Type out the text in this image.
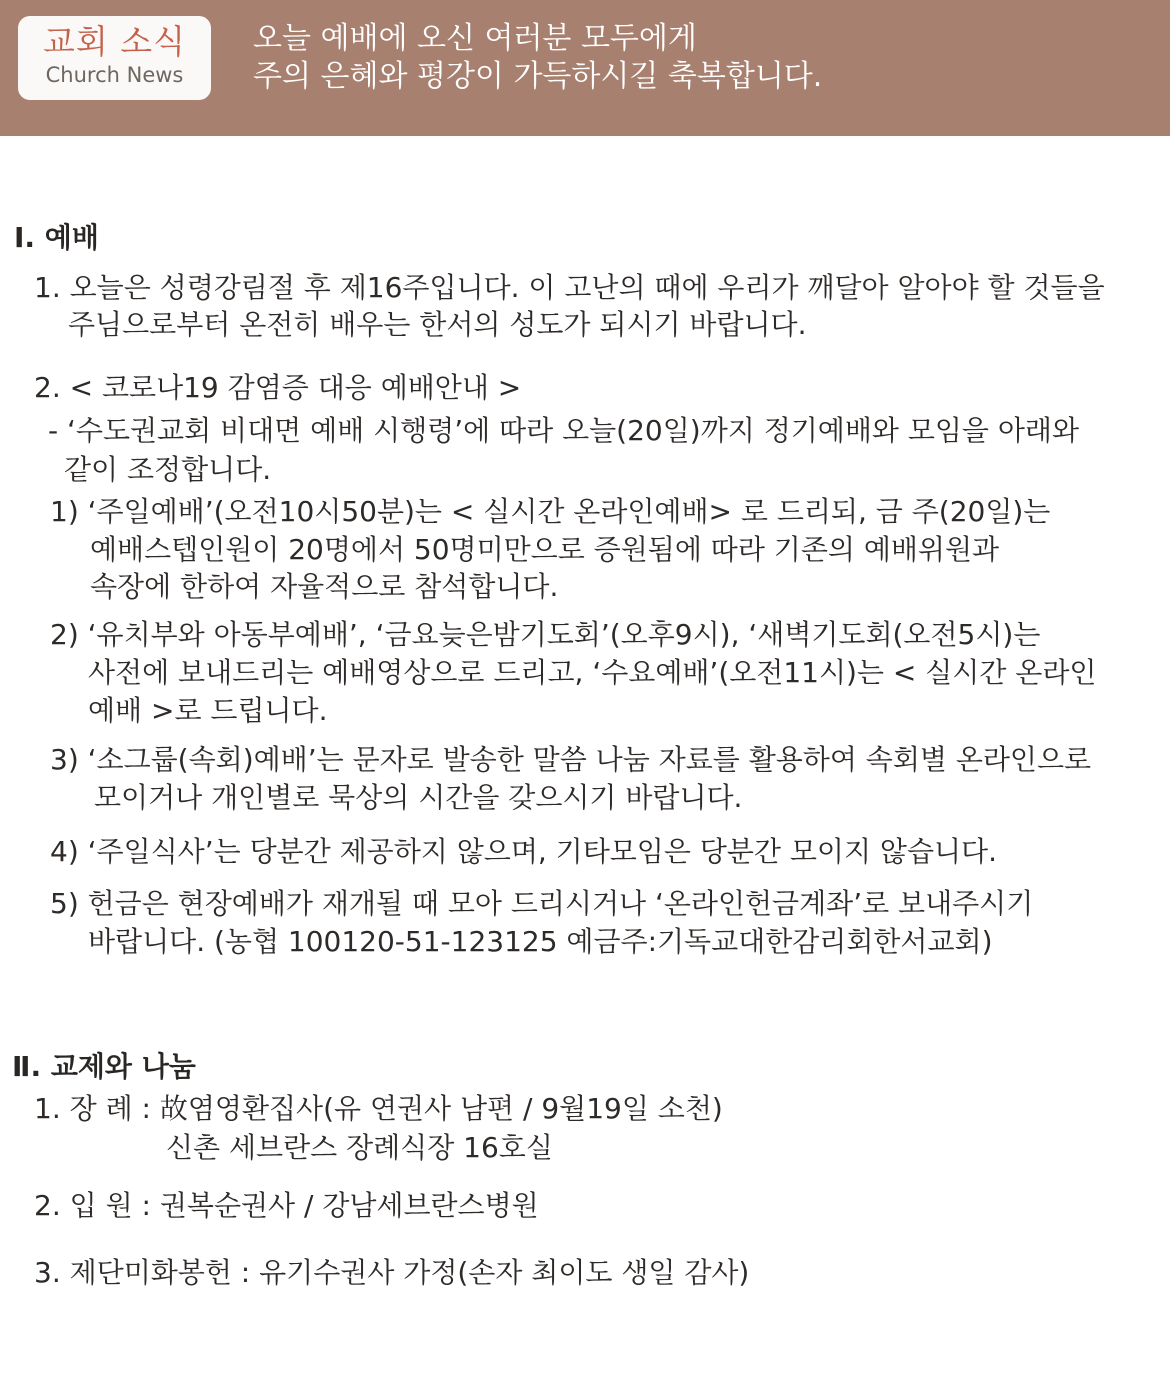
교회 소식
Church News
오늘 예배에 오신 여러분 모두에게
주의 은혜와 평강이 가득하시길 축복합니다.
Ⅰ. 예배
1. 오늘은 성령강림절 후 제16주입니다. 이 고난의 때에 우리가 깨달아 알아야 할 것들을
주님으로부터 온전히 배우는 한서의 성도가 되시기 바랍니다.
2. < 코로나19 감염증 대응 예배안내 >
- ‘수도권교회 비대면 예배 시행령’에 따라 오늘(20일)까지 정기예배와 모임을 아래와
같이 조정합니다.
1) ‘주일예배’(오전10시50분)는 < 실시간 온라인예배> 로 드리되, 금 주(20일)는
예배스텝인원이 20명에서 50명미만으로 증원됨에 따라 기존의 예배위원과
속장에 한하여 자율적으로 참석합니다.
2) ‘유치부와 아동부예배’, ‘금요늦은밤기도회’(오후9시), ‘새벽기도회(오전5시)는
사전에 보내드리는 예배영상으로 드리고, ‘수요예배’(오전11시)는 < 실시간 온라인
예배 >로 드립니다.
3) ‘소그룹(속회)예배’는 문자로 발송한 말씀 나눔 자료를 활용하여 속회별 온라인으로
모이거나 개인별로 묵상의 시간을 갖으시기 바랍니다.
4) ‘주일식사’는 당분간 제공하지 않으며, 기타모임은 당분간 모이지 않습니다.
5) 헌금은 현장예배가 재개될 때 모아 드리시거나 ‘온라인헌금계좌’로 보내주시기
바랍니다. (농협 100120-51-123125 예금주:기독교대한감리회한서교회)
Ⅱ. 교제와 나눔
1. 장 례 : 故염영환집사(유 연권사 남편 / 9월19일 소천)
신촌 세브란스 장례식장 16호실
2. 입 원 : 권복순권사 / 강남세브란스병원
3. 제단미화봉헌 : 유기수권사 가정(손자 최이도 생일 감사)
